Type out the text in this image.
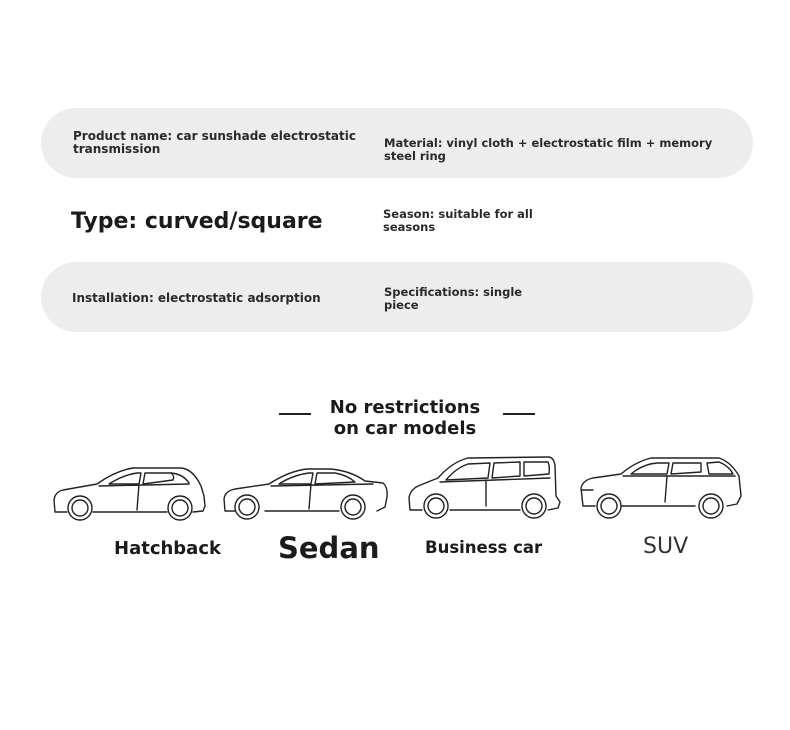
Product name: car sunshade electrostatic transmission	Material: vinyl cloth + electrostatic film + memory steel ring
Type: curved/square	Season: suitable for all seasons
Installation: electrostatic adsorption	Specifications: single piece
No restrictions
on car models
Hatchback Sedan	Business car	SUV
